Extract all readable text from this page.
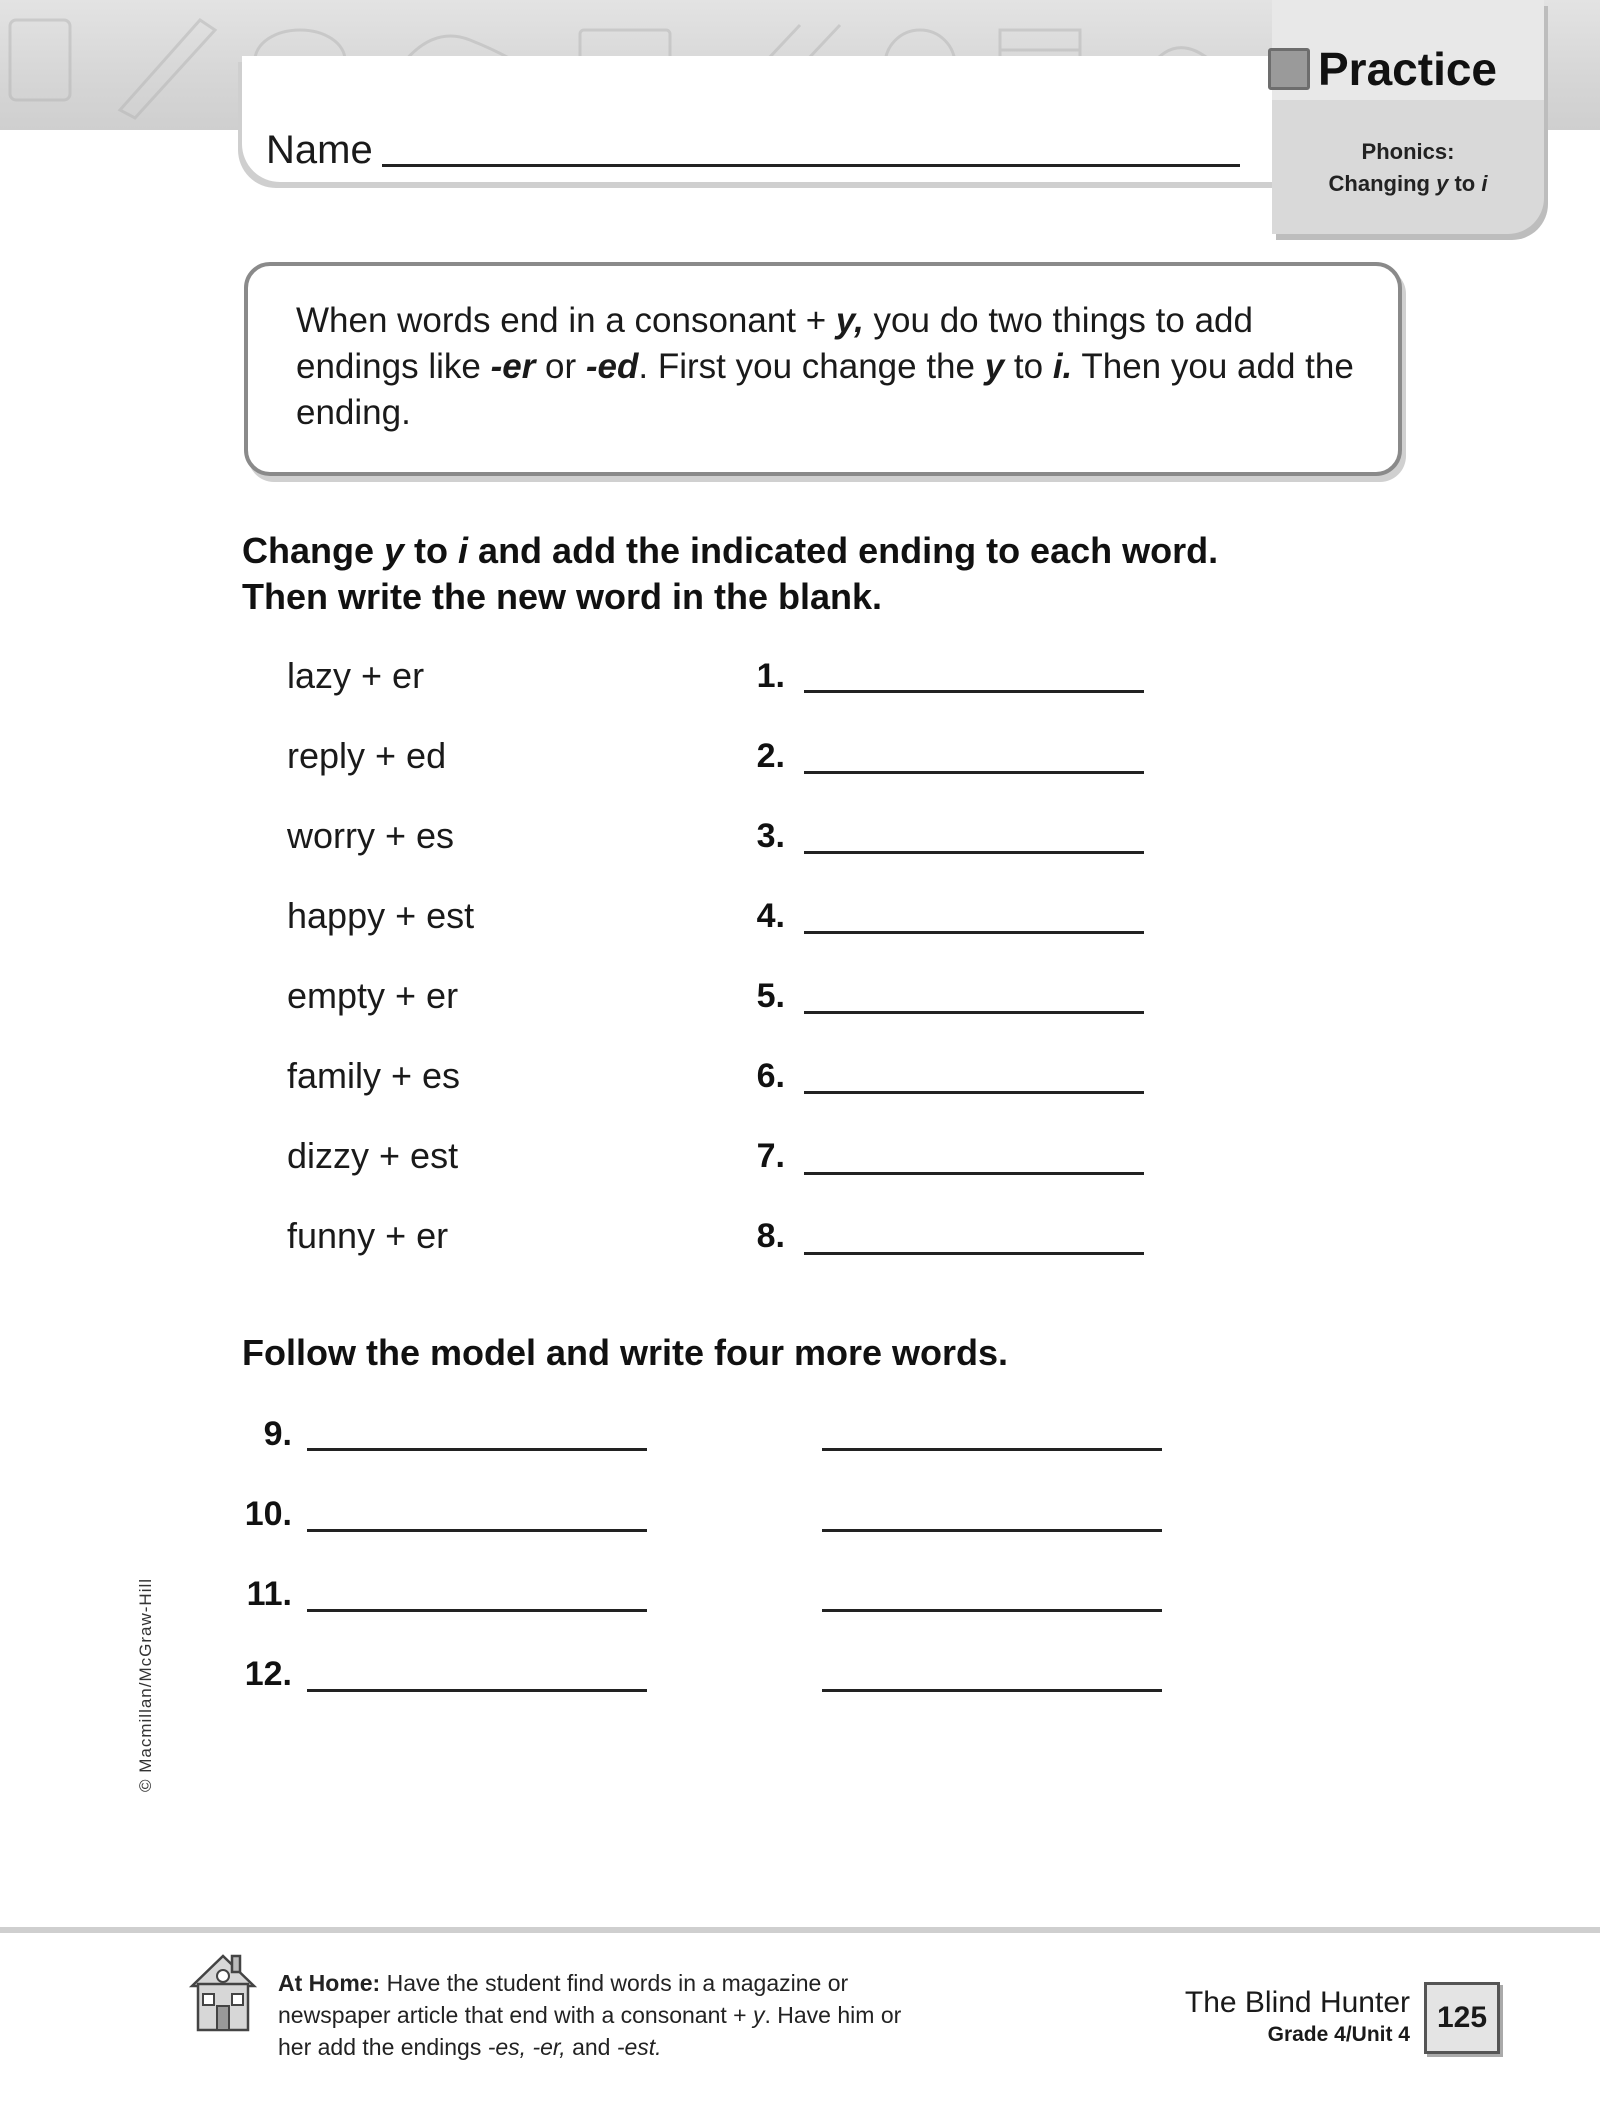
Name
Practice
Phonics:
Changing y to i
When words end in a consonant + y, you do two things to add endings like -er or -ed. First you change the y to i. Then you add the ending.
Change y to i and add the indicated ending to each word.
Then write the new word in the blank.
lazy + er	1.
reply + ed	2.
worry + es	3.
happy + est	4.
empty + er	5.
family + es	6.
dizzy + est	7.
funny + er	8.
Follow the model and write four more words.
9.
10.
11.
12.
© Macmillan/McGraw-Hill
At Home: Have the student find words in a magazine or newspaper article that end with a consonant + y. Have him or her add the endings -es, -er, and -est.
The Blind Hunter
Grade 4/Unit 4
125
